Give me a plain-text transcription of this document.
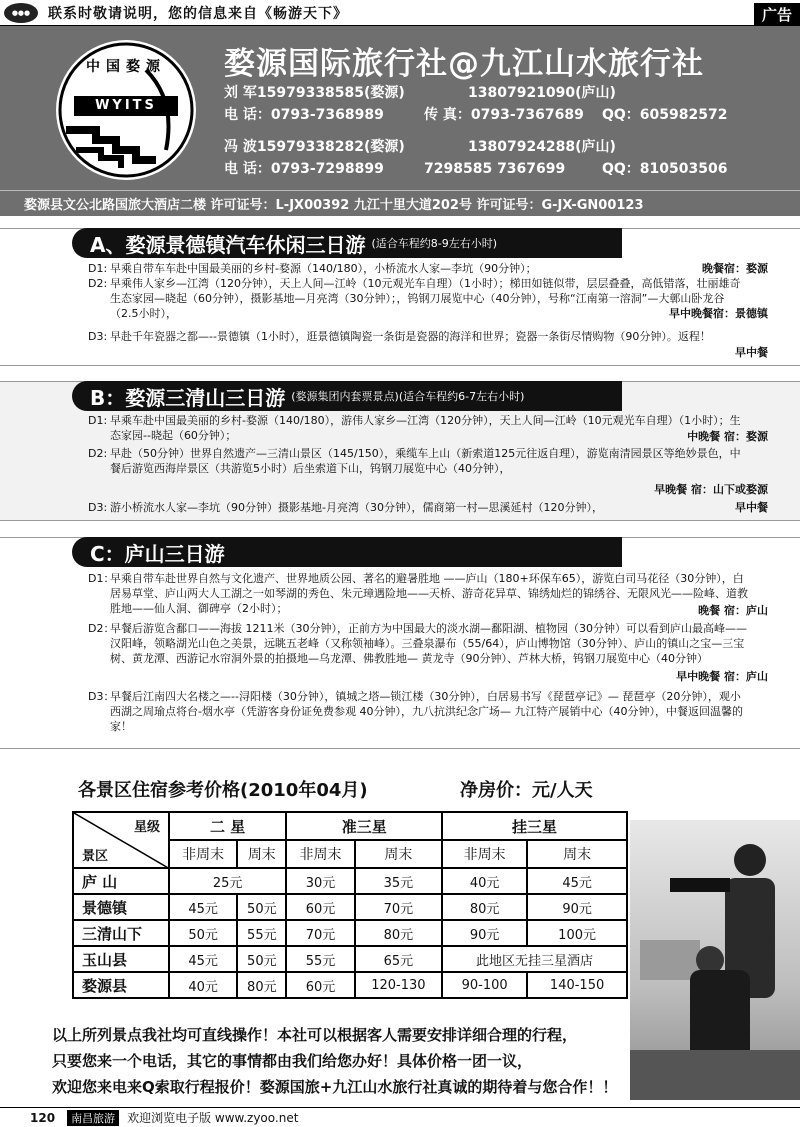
●●●	联系时敬请说明，您的信息来自《畅游天下》	广告
中国婺源
WYITS
婺源国际旅行社@九江山水旅行社
刘 军15979338585(婺源)	13807921090(庐山)
电 话：0793-7368989	传 真：0793-7367689 QQ：605982572
冯 波15979338282(婺源)	13807924288(庐山)
电 话：0793-7298899	7298585 7367699	QQ：810503506
婺源县文公北路国旅大酒店二楼 许可证号：L-JX00392 九江十里大道202号 许可证号：G-JX-GN00123
A、婺源景德镇汽车休闲三日游 (适合车程约8-9左右小时)
D1: 早乘自带车车赴中国最美丽的乡村-婺源（140/180），小桥流水人家—李坑（90分钟）；	晚餐宿：婺源
D2: 早乘伟人家乡—江湾（120分钟），天上人间—江岭（10元观光车自理）（1小时）；梯田如链似带，层层叠叠，高低错落，壮丽雄奇生态家园—晓起（60分钟），摄影基地—月亮湾（30分钟）；，钨钢刀展览中心（40分钟），号称“江南第一溶洞”—大鄣山卧龙谷（2.5小时），	早中晚餐宿：景德镇
D3: 早赴千年瓷器之都—--景德镇（1小时），逛景德镇陶瓷一条街是瓷器的海洋和世界；瓷器一条街尽情购物（90分钟）。返程！

早中餐
B：婺源三清山三日游 (婺源集团内套票景点)(适合车程约6-7左右小时)
D1: 早乘车赴中国最美丽的乡村-婺源（140/180），游伟人家乡—江湾（120分钟），天上人间—江岭（10元观光车自理）（1小时）；生态家园--晓起（60分钟）；	中晚餐 宿：婺源
D2: 早赴（50分钟）世界自然遗产—三清山景区（145/150），乘缆车上山（新索道125元往返自理），游览南清园景区等绝妙景色，中餐后游览西海岸景区（共游览5小时）后坐索道下山，钨钢刀展览中心（40分钟），

早晚餐 宿：山下或婺源
D3: 游小桥流水人家—李坑（90分钟）摄影基地-月亮湾（30分钟），儒商第一村—思溪延村（120分钟），	早中餐
C：庐山三日游
D1：

早乘自带车赴世界自然与文化遗产、世界地质公园、著名的避暑胜地 ——庐山（180+环保车65），游览白司马花径（30分钟），白居易草堂、庐山两大人工湖之一如琴湖的秀色、朱元璋遇险地——天桥、游奇花异草、锦绣灿烂的锦绣谷、无限风光——险峰、道教胜地——仙人洞、御碑亭（2小时）；	晚餐 宿：庐山
D2：

早餐后游览含鄱口——海拔 1211米（30分钟），正前方为中国最大的淡水湖—鄱阳湖、植物园（30分钟）可以看到庐山最高峰——汉阳峰，领略湖光山色之美景，远眺五老峰（又称领袖峰）。三叠泉瀑布（55/64），庐山博物馆（30分钟）、庐山的镇山之宝—三宝树、黄龙潭、西游记水帘洞外景的拍摄地—乌龙潭、佛教胜地— 黄龙寺（90分钟）、芦林大桥，钨钢刀展览中心（40分钟）

早中晚餐 宿：庐山
D3：

早餐后江南四大名楼之—--浔阳楼（30分钟），镇城之塔—锁江楼（30分钟），白居易书写《琵琶亭记》— 琵琶亭（20分钟），观小西湖之周瑜点将台-烟水亭（凭游客身份证免费参观 40分钟），九八抗洪纪念广场— 九江特产展销中心（40分钟），中餐返回温馨的家！

各景区住宿参考价格(2010年04月)	净房价：元/人天
星级
景区	二 星		准三星		挂三星	
	非周末	周末	非周末	周末	非周末	周末
庐 山	25元		30元	35元	40元	45元
景德镇	45元	50元	60元	70元	80元	90元
三清山下	50元	55元	70元	80元	90元	100元
玉山县	45元	50元	55元	65元	此地区无挂三星酒店	
婺源县	40元	80元	60元	120-130	90-100	140-150
以上所列景点我社均可直线操作！本社可以根据客人需要安排详细合理的行程，
只要您来一个电话，其它的事情都由我们给您办好！具体价格一团一议，
欢迎您来电来Q索取行程报价！婺源国旅+九江山水旅行社真诚的期待着与您合作！！
120	南昌旅游	欢迎浏览电子版 www.zyoo.net
